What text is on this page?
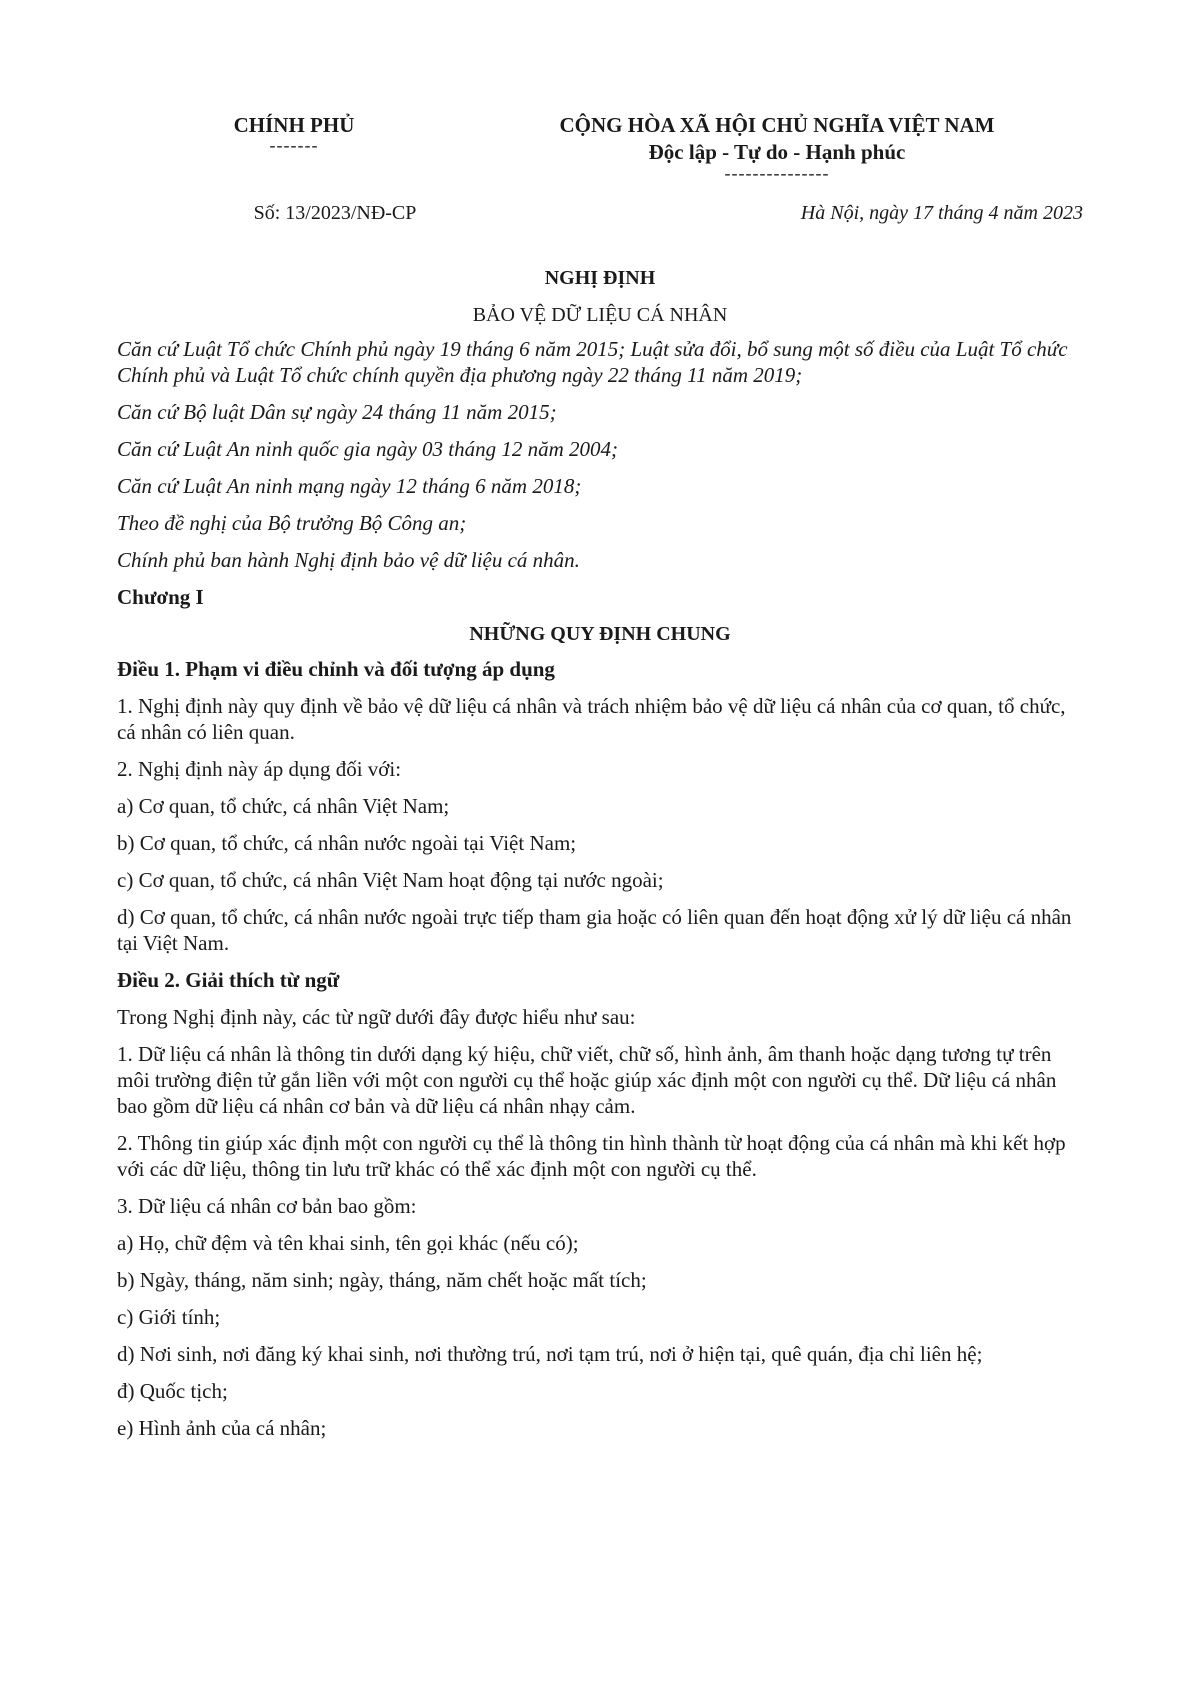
CHÍNH PHỦ
-------
CỘNG HÒA XÃ HỘI CHỦ NGHĨA VIỆT NAM
Độc lập - Tự do - Hạnh phúc
---------------
Số: 13/2023/NĐ-CP	Hà Nội, ngày 17 tháng 4 năm 2023
NGHỊ ĐỊNH
BẢO VỆ DỮ LIỆU CÁ NHÂN

Căn cứ Luật Tổ chức Chính phủ ngày 19 tháng 6 năm 2015; Luật sửa đổi, bổ sung một số điều của Luật Tổ chức Chính phủ và Luật Tổ chức chính quyền địa phương ngày 22 tháng 11 năm 2019;

Căn cứ Bộ luật Dân sự ngày 24 tháng 11 năm 2015;

Căn cứ Luật An ninh quốc gia ngày 03 tháng 12 năm 2004;

Căn cứ Luật An ninh mạng ngày 12 tháng 6 năm 2018;

Theo đề nghị của Bộ trưởng Bộ Công an;

Chính phủ ban hành Nghị định bảo vệ dữ liệu cá nhân.

Chương I
NHỮNG QUY ĐỊNH CHUNG
Điều 1. Phạm vi điều chỉnh và đối tượng áp dụng

1. Nghị định này quy định về bảo vệ dữ liệu cá nhân và trách nhiệm bảo vệ dữ liệu cá nhân của cơ quan, tổ chức, cá nhân có liên quan.

2. Nghị định này áp dụng đối với:

a) Cơ quan, tổ chức, cá nhân Việt Nam;

b) Cơ quan, tổ chức, cá nhân nước ngoài tại Việt Nam;

c) Cơ quan, tổ chức, cá nhân Việt Nam hoạt động tại nước ngoài;

d) Cơ quan, tổ chức, cá nhân nước ngoài trực tiếp tham gia hoặc có liên quan đến hoạt động xử lý dữ liệu cá nhân tại Việt Nam.

Điều 2. Giải thích từ ngữ

Trong Nghị định này, các từ ngữ dưới đây được hiểu như sau:

1. Dữ liệu cá nhân là thông tin dưới dạng ký hiệu, chữ viết, chữ số, hình ảnh, âm thanh hoặc dạng tương tự trên môi trường điện tử gắn liền với một con người cụ thể hoặc giúp xác định một con người cụ thể. Dữ liệu cá nhân bao gồm dữ liệu cá nhân cơ bản và dữ liệu cá nhân nhạy cảm.

2. Thông tin giúp xác định một con người cụ thể là thông tin hình thành từ hoạt động của cá nhân mà khi kết hợp với các dữ liệu, thông tin lưu trữ khác có thể xác định một con người cụ thể.

3. Dữ liệu cá nhân cơ bản bao gồm:

a) Họ, chữ đệm và tên khai sinh, tên gọi khác (nếu có);

b) Ngày, tháng, năm sinh; ngày, tháng, năm chết hoặc mất tích;

c) Giới tính;

d) Nơi sinh, nơi đăng ký khai sinh, nơi thường trú, nơi tạm trú, nơi ở hiện tại, quê quán, địa chỉ liên hệ;

đ) Quốc tịch;

e) Hình ảnh của cá nhân;
